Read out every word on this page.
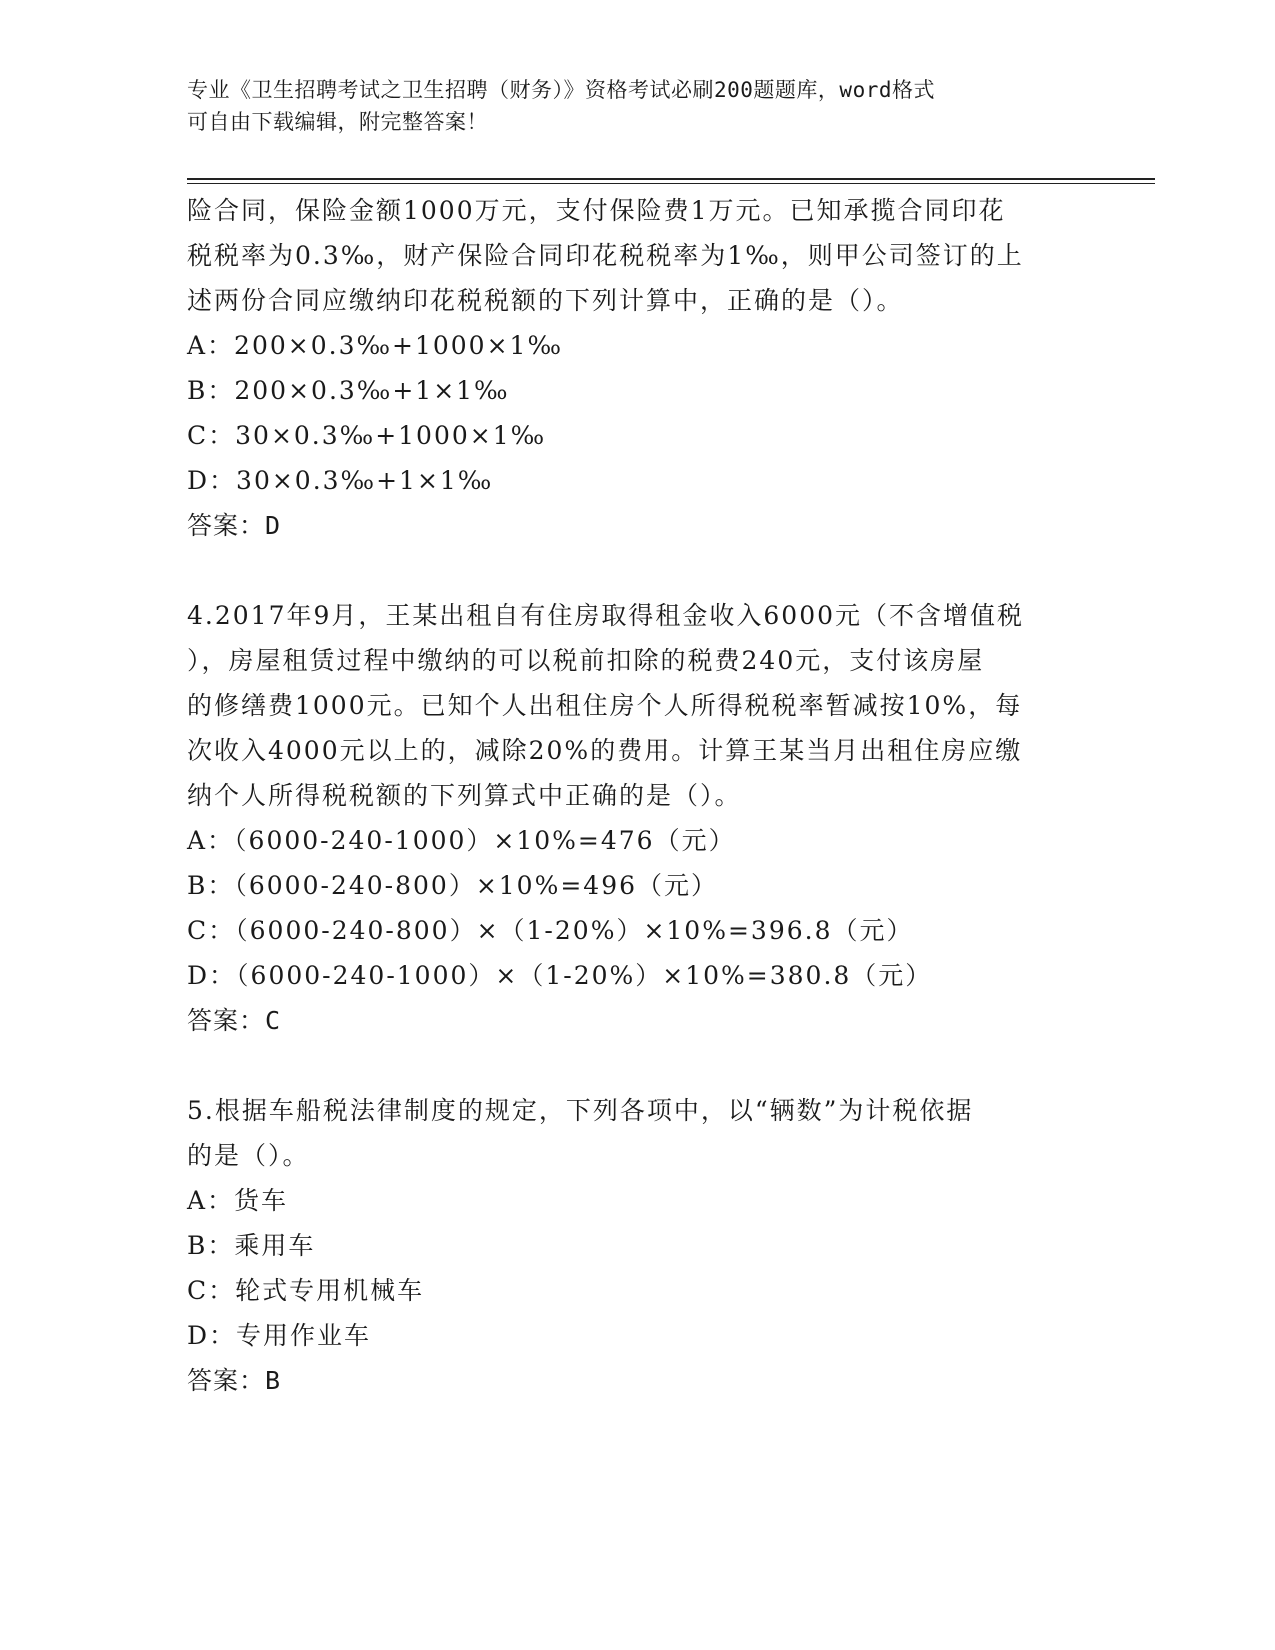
专业《卫生招聘考试之卫生招聘（财务）》资格考试必刷200题题库，word格式
可自由下载编辑，附完整答案！
险合同，保险金额1000万元，支付保险费1万元。已知承揽合同印花
税税率为0.3‰，财产保险合同印花税税率为1‰，则甲公司签订的上
述两份合同应缴纳印花税税额的下列计算中，正确的是（）。
A：200×0.3‰+1000×1‰
B：200×0.3‰+1×1‰
C：30×0.3‰+1000×1‰
D：30×0.3‰+1×1‰
答案：D
4.2017年9月，王某出租自有住房取得租金收入6000元（不含增值税
），房屋租赁过程中缴纳的可以税前扣除的税费240元，支付该房屋
的修缮费1000元。已知个人出租住房个人所得税税率暂减按10%，每
次收入4000元以上的，减除20%的费用。计算王某当月出租住房应缴
纳个人所得税税额的下列算式中正确的是（）。
A：（6000-240-1000）×10%=476（元）
B：（6000-240-800）×10%=496（元）
C：（6000-240-800）×（1-20%）×10%=396.8（元）
D：（6000-240-1000）×（1-20%）×10%=380.8（元）
答案：C
5.根据车船税法律制度的规定，下列各项中，以“辆数”为计税依据
的是（）。
A：货车
B：乘用车
C：轮式专用机械车
D：专用作业车
答案：B
